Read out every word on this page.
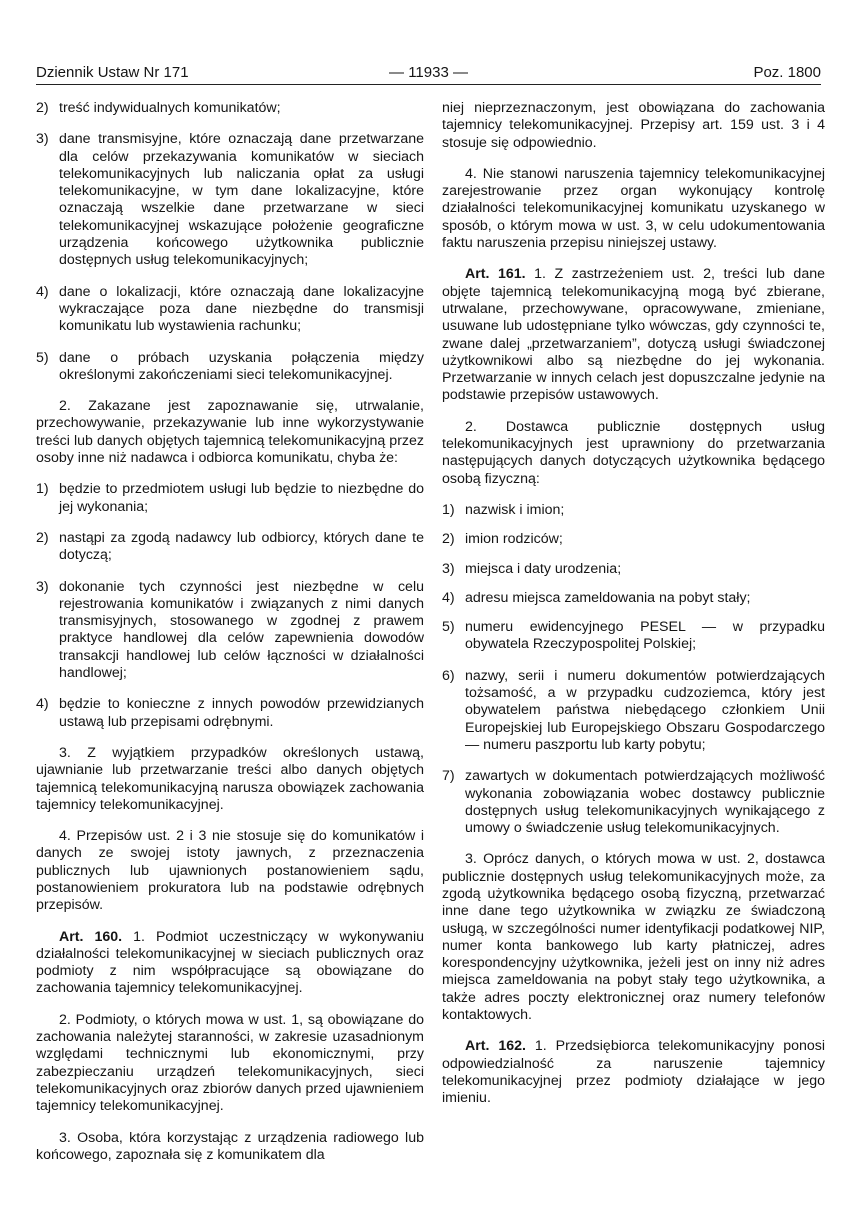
Dziennik Ustaw Nr 171	— 11933 —	Poz. 1800

2) treść indywidualnych komunikatów;

3) dane transmisyjne, które oznaczają dane przetwarzane dla celów przekazywania komunikatów w sieciach telekomunikacyjnych lub naliczania opłat za usługi telekomunikacyjne, w tym dane lokalizacyjne, które oznaczają wszelkie dane przetwarzane w sieci telekomunikacyjnej wskazujące położenie geograficzne urządzenia końcowego użytkownika publicznie dostępnych usług telekomunikacyjnych;

4) dane o lokalizacji, które oznaczają dane lokalizacyjne wykraczające poza dane niezbędne do transmisji komunikatu lub wystawienia rachunku;

5) dane o próbach uzyskania połączenia między określonymi zakończeniami sieci telekomunikacyjnej.

2. Zakazane jest zapoznawanie się, utrwalanie, przechowywanie, przekazywanie lub inne wykorzystywanie treści lub danych objętych tajemnicą telekomunikacyjną przez osoby inne niż nadawca i odbiorca komunikatu, chyba że:

1) będzie to przedmiotem usługi lub będzie to niezbędne do jej wykonania;

2) nastąpi za zgodą nadawcy lub odbiorcy, których dane te dotyczą;

3) dokonanie tych czynności jest niezbędne w celu rejestrowania komunikatów i związanych z nimi danych transmisyjnych, stosowanego w zgodnej z prawem praktyce handlowej dla celów zapewnienia dowodów transakcji handlowej lub celów łączności w działalności handlowej;

4) będzie to konieczne z innych powodów przewidzianych ustawą lub przepisami odrębnymi.

3. Z wyjątkiem przypadków określonych ustawą, ujawnianie lub przetwarzanie treści albo danych objętych tajemnicą telekomunikacyjną narusza obowiązek zachowania tajemnicy telekomunikacyjnej.

4. Przepisów ust. 2 i 3 nie stosuje się do komunikatów i danych ze swojej istoty jawnych, z przeznaczenia publicznych lub ujawnionych postanowieniem sądu, postanowieniem prokuratora lub na podstawie odrębnych przepisów.

Art. 160. 1. Podmiot uczestniczący w wykonywaniu działalności telekomunikacyjnej w sieciach publicznych oraz podmioty z nim współpracujące są obowiązane do zachowania tajemnicy telekomunikacyjnej.

2. Podmioty, o których mowa w ust. 1, są obowiązane do zachowania należytej staranności, w zakresie uzasadnionym względami technicznymi lub ekonomicznymi, przy zabezpieczaniu urządzeń telekomunikacyjnych, sieci telekomunikacyjnych oraz zbiorów danych przed ujawnieniem tajemnicy telekomunikacyjnej.

3. Osoba, która korzystając z urządzenia radiowego lub końcowego, zapoznała się z komunikatem dla

niej nieprzeznaczonym, jest obowiązana do zachowania tajemnicy telekomunikacyjnej. Przepisy art. 159 ust. 3 i 4 stosuje się odpowiednio.

4. Nie stanowi naruszenia tajemnicy telekomunikacyjnej zarejestrowanie przez organ wykonujący kontrolę działalności telekomunikacyjnej komunikatu uzyskanego w sposób, o którym mowa w ust. 3, w celu udokumentowania faktu naruszenia przepisu niniejszej ustawy.

Art. 161. 1. Z zastrzeżeniem ust. 2, treści lub dane objęte tajemnicą telekomunikacyjną mogą być zbierane, utrwalane, przechowywane, opracowywane, zmieniane, usuwane lub udostępniane tylko wówczas, gdy czynności te, zwane dalej „przetwarzaniem”, dotyczą usługi świadczonej użytkownikowi albo są niezbędne do jej wykonania. Przetwarzanie w innych celach jest dopuszczalne jedynie na podstawie przepisów ustawowych.

2. Dostawca publicznie dostępnych usług telekomunikacyjnych jest uprawniony do przetwarzania następujących danych dotyczących użytkownika będącego osobą fizyczną:

1) nazwisk i imion;

2) imion rodziców;

3) miejsca i daty urodzenia;

4) adresu miejsca zameldowania na pobyt stały;

5) numeru ewidencyjnego PESEL — w przypadku obywatela Rzeczypospolitej Polskiej;

6) nazwy, serii i numeru dokumentów potwierdzających tożsamość, a w przypadku cudzoziemca, który jest obywatelem państwa niebędącego członkiem Unii Europejskiej lub Europejskiego Obszaru Gospodarczego — numeru paszportu lub karty pobytu;

7) zawartych w dokumentach potwierdzających możliwość wykonania zobowiązania wobec dostawcy publicznie dostępnych usług telekomunikacyjnych wynikającego z umowy o świadczenie usług telekomunikacyjnych.

3. Oprócz danych, o których mowa w ust. 2, dostawca publicznie dostępnych usług telekomunikacyjnych może, za zgodą użytkownika będącego osobą fizyczną, przetwarzać inne dane tego użytkownika w związku ze świadczoną usługą, w szczególności numer identyfikacji podatkowej NIP, numer konta bankowego lub karty płatniczej, adres korespondencyjny użytkownika, jeżeli jest on inny niż adres miejsca zameldowania na pobyt stały tego użytkownika, a także adres poczty elektronicznej oraz numery telefonów kontaktowych.

Art. 162. 1. Przedsiębiorca telekomunikacyjny ponosi odpowiedzialność za naruszenie tajemnicy telekomunikacyjnej przez podmioty działające w jego imieniu.
